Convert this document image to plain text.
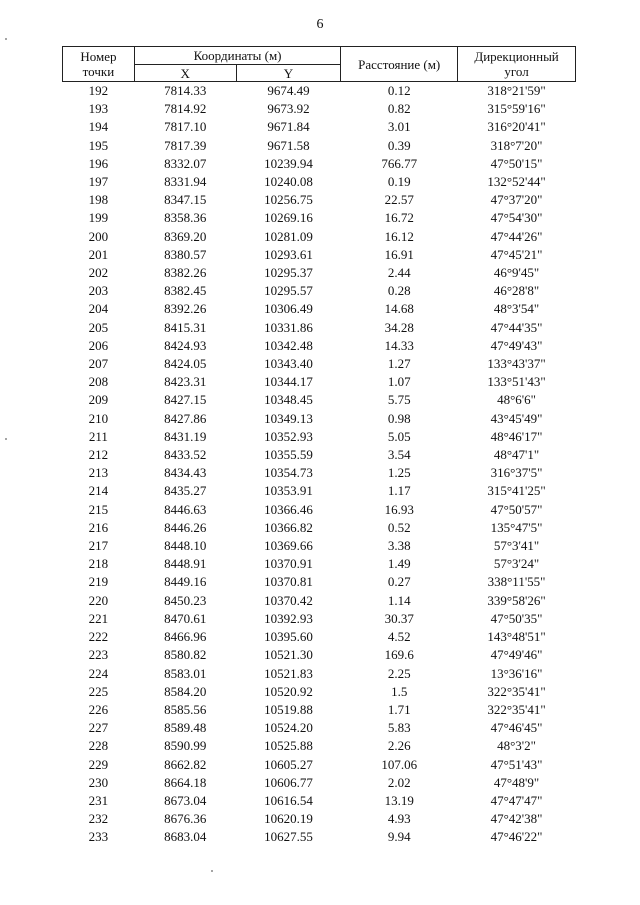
6
Номер
точки	Координаты (м)		Расстояние (м)	Дирекционный
угол
	X	Y		
192	7814.33	9674.49	0.12	318°21'59"
193	7814.92	9673.92	0.82	315°59'16"
194	7817.10	9671.84	3.01	316°20'41"
195	7817.39	9671.58	0.39	318°7'20"
196	8332.07	10239.94	766.77	47°50'15"
197	8331.94	10240.08	0.19	132°52'44"
198	8347.15	10256.75	22.57	47°37'20"
199	8358.36	10269.16	16.72	47°54'30"
200	8369.20	10281.09	16.12	47°44'26"
201	8380.57	10293.61	16.91	47°45'21"
202	8382.26	10295.37	2.44	46°9'45"
203	8382.45	10295.57	0.28	46°28'8"
204	8392.26	10306.49	14.68	48°3'54"
205	8415.31	10331.86	34.28	47°44'35"
206	8424.93	10342.48	14.33	47°49'43"
207	8424.05	10343.40	1.27	133°43'37"
208	8423.31	10344.17	1.07	133°51'43"
209	8427.15	10348.45	5.75	48°6'6"
210	8427.86	10349.13	0.98	43°45'49"
211	8431.19	10352.93	5.05	48°46'17"
212	8433.52	10355.59	3.54	48°47'1"
213	8434.43	10354.73	1.25	316°37'5"
214	8435.27	10353.91	1.17	315°41'25"
215	8446.63	10366.46	16.93	47°50'57"
216	8446.26	10366.82	0.52	135°47'5"
217	8448.10	10369.66	3.38	57°3'41"
218	8448.91	10370.91	1.49	57°3'24"
219	8449.16	10370.81	0.27	338°11'55"
220	8450.23	10370.42	1.14	339°58'26"
221	8470.61	10392.93	30.37	47°50'35"
222	8466.96	10395.60	4.52	143°48'51"
223	8580.82	10521.30	169.6	47°49'46"
224	8583.01	10521.83	2.25	13°36'16"
225	8584.20	10520.92	1.5	322°35'41"
226	8585.56	10519.88	1.71	322°35'41"
227	8589.48	10524.20	5.83	47°46'45"
228	8590.99	10525.88	2.26	48°3'2"
229	8662.82	10605.27	107.06	47°51'43"
230	8664.18	10606.77	2.02	47°48'9"
231	8673.04	10616.54	13.19	47°47'47"
232	8676.36	10620.19	4.93	47°42'38"
233	8683.04	10627.55	9.94	47°46'22"
